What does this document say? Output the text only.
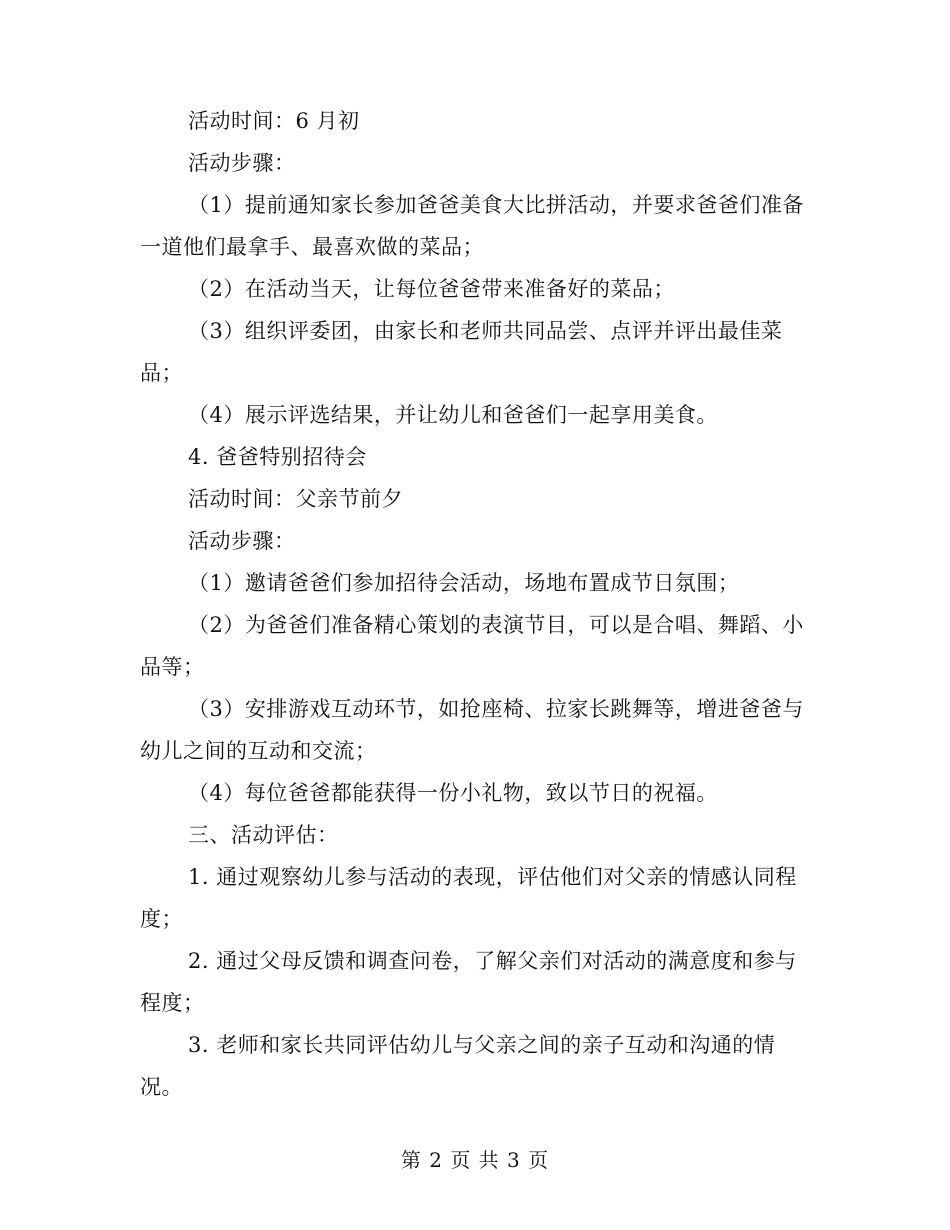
活动时间：6 月初

活动步骤：

（1）提前通知家长参加爸爸美食大比拼活动，并要求爸爸们准备一道他们最拿手、最喜欢做的菜品；

（2）在活动当天，让每位爸爸带来准备好的菜品；

（3）组织评委团，由家长和老师共同品尝、点评并评出最佳菜品；

（4）展示评选结果，并让幼儿和爸爸们一起享用美食。

4. 爸爸特别招待会

活动时间：父亲节前夕

活动步骤：

（1）邀请爸爸们参加招待会活动，场地布置成节日氛围；

（2）为爸爸们准备精心策划的表演节目，可以是合唱、舞蹈、小品等；

（3）安排游戏互动环节，如抢座椅、拉家长跳舞等，增进爸爸与幼儿之间的互动和交流；

（4）每位爸爸都能获得一份小礼物，致以节日的祝福。

三、活动评估：

1. 通过观察幼儿参与活动的表现，评估他们对父亲的情感认同程度；

2. 通过父母反馈和调查问卷，了解父亲们对活动的满意度和参与程度；

3. 老师和家长共同评估幼儿与父亲之间的亲子互动和沟通的情况。

第 2 页 共 3 页
